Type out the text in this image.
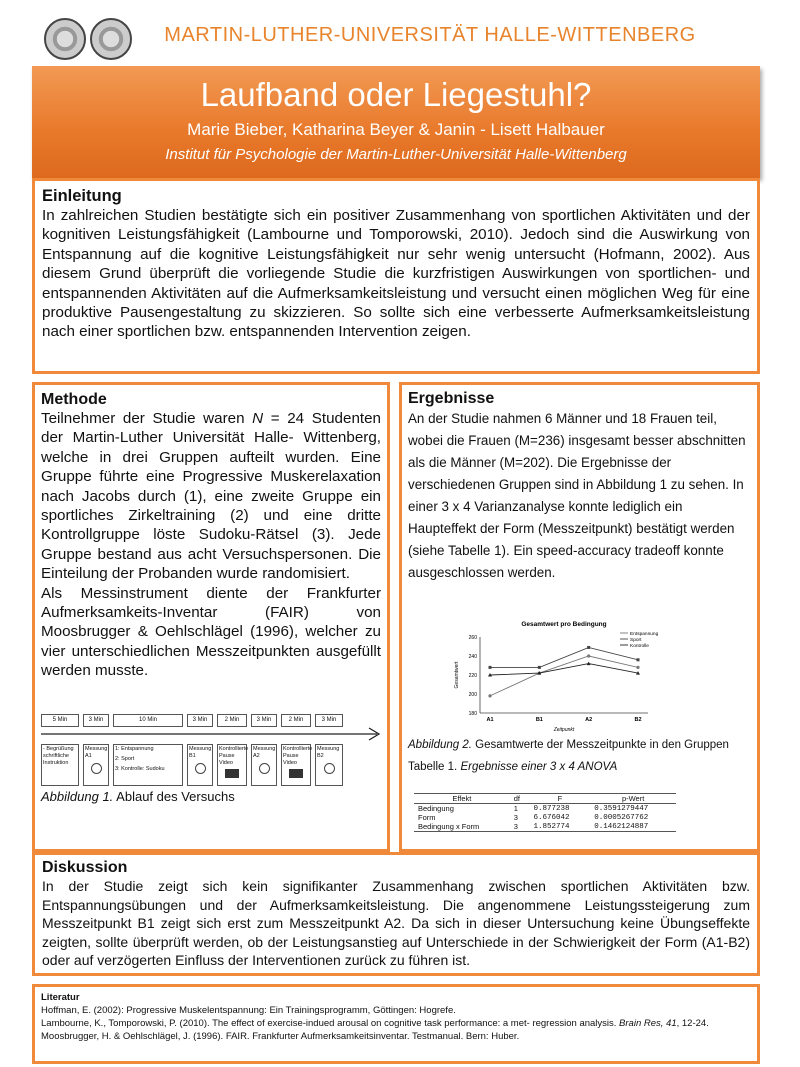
MARTIN-LUTHER-UNIVERSITÄT HALLE-WITTENBERG
Laufband oder Liegestuhl?
Marie Bieber, Katharina Beyer & Janin - Lisett Halbauer
Institut für Psychologie der Martin-Luther-Universität Halle-Wittenberg
Einleitung
In zahlreichen Studien bestätigte sich ein positiver Zusammenhang von sportlichen Aktivitäten und der kognitiven Leistungsfähigkeit (Lambourne und Tomporowski, 2010). Jedoch sind die Auswirkung von Entspannung auf die kognitive Leistungsfähigkeit nur sehr wenig untersucht (Hofmann, 2002). Aus diesem Grund überprüft die vorliegende Studie die kurzfristigen Auswirkungen von sportlichen- und entspannenden Aktivitäten auf die Aufmerksamkeitsleistung und versucht einen möglichen Weg für eine produktive Pausengestaltung zu skizzieren. So sollte sich eine verbesserte Aufmerksamkeitsleistung nach einer sportlichen bzw. entspannenden Intervention zeigen.
Methode
Teilnehmer der Studie waren N = 24 Studenten der Martin-Luther Universität Halle- Wittenberg, welche in drei Gruppen aufteilt wurden. Eine Gruppe führte eine Progressive Muskerelaxation nach Jacobs durch (1), eine zweite Gruppe ein sportliches Zirkeltraining (2) und eine dritte Kontrollgruppe löste Sudoku-Rätsel (3). Jede Gruppe bestand aus acht Versuchspersonen. Die Einteilung der Probanden wurde randomisiert.
Als Messinstrument diente der Frankfurter Aufmerksamkeits-Inventar (FAIR) von Moosbrugger & Oehlschlägel (1996), welcher zu vier unterschiedlichen Messzeitpunkten ausgefüllt werden musste.
5 Min	3 Min	10 Min	3 Min	2 Min	3 Min	2 Min	3 Min
- Begrüßung schriftliche Instruktion
Messung A1
1: Entspannung
2: Sport
3: Kontrolle: Sudoku
Messung B1
Kontrollierte Pause Video
Messung A2
Kontrollierte Pause Video
Messung B2
Abbildung 1. Ablauf des Versuchs
Ergebnisse
An der Studie nahmen 6 Männer und 18 Frauen teil, wobei die Frauen (M=236) insgesamt besser abschnitten als die Männer (M=202). Die Ergebnisse der verschiedenen Gruppen sind in Abbildung 1 zu sehen. In einer 3 x 4 Varianzanalyse konnte lediglich ein Haupteffekt der Form (Messzeitpunkt) bestätigt werden (siehe Tabelle 1). Ein speed-accuracy tradeoff konnte ausgeschlossen werden.
Gesamtwert pro Bedingung
180
200
220
240
260
A1	B1	A2	B2
Zeitpunkt
Gesamtwert
Entspannung
Sport
Kontrolle
Abbildung 2. Gesamtwerte der Messzeitpunkte in den Gruppen
Tabelle 1. Ergebnisse einer 3 x 4 ANOVA
Effekt	df	F	p-Wert
Bedingung	1	0.877238	0.3591279447
Form	3	6.676042	0.0005267762
Bedingung x Form	3	1.852774	0.1462124887
Diskussion
In der Studie zeigt sich kein signifikanter Zusammenhang zwischen sportlichen Aktivitäten bzw. Entspannungsübungen und der Aufmerksamkeitsleistung. Die angenommene Leistungssteigerung zum Messzeitpunkt B1 zeigt sich erst zum Messzeitpunkt A2. Da sich in dieser Untersuchung keine Übungseffekte zeigten, sollte überprüft werden, ob der Leistungsanstieg auf Unterschiede in der Schwierigkeit der Form (A1-B2) oder auf verzögerten Einfluss der Interventionen zurück zu führen ist.
Literatur
Hoffman, E. (2002): Progressive Muskelentspannung: Ein Trainingsprogramm, Göttingen: Hogrefe.
Lambourne, K., Tomporowski, P. (2010). The effect of exercise-indued arousal on cognitive task performance: a met- regression analysis. Brain Res, 41, 12-24.
Moosbrugger, H. & Oehlschlägel, J. (1996). FAIR. Frankfurter Aufmerksamkeitsinventar. Testmanual. Bern: Huber.
